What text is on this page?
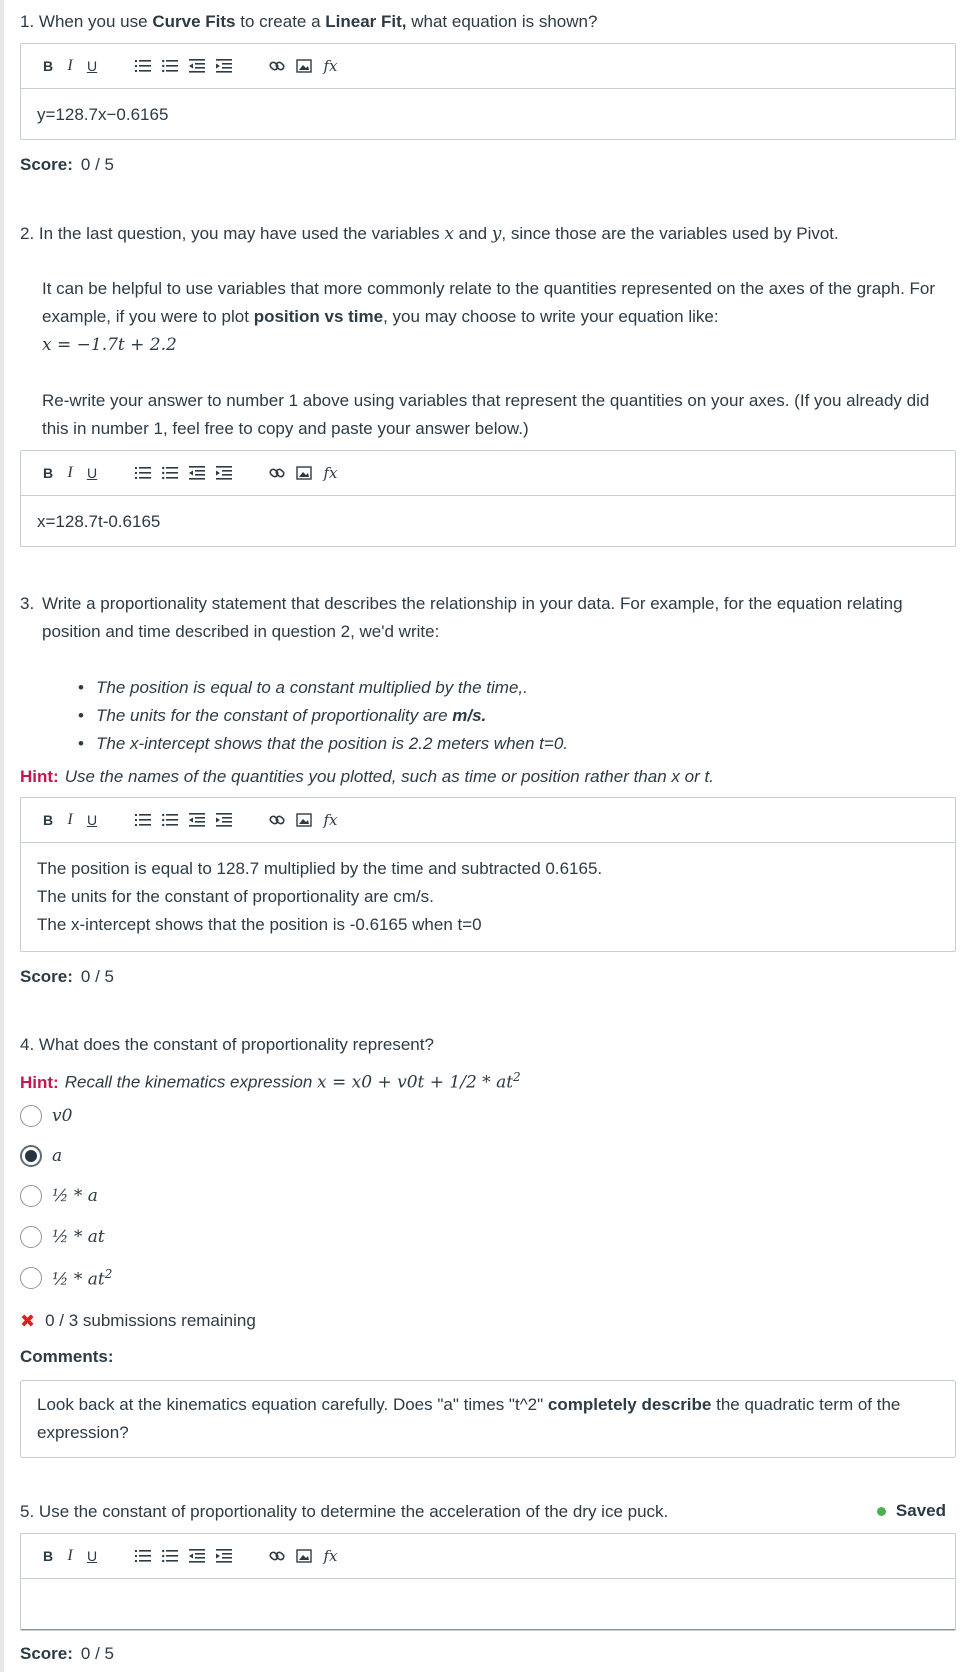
1. When you use Curve Fits to create a Linear Fit, what equation is shown?
B I	U	fx
y=128.7x−0.6165
Score: 0 / 5
2. In the last question, you may have used the variables x and y, since those are the variables used by Pivot.
It can be helpful to use variables that more commonly relate to the quantities represented on the axes of the graph. For example, if you were to plot position vs time, you may choose to write your equation like:
x = −1.7t + 2.2
Re-write your answer to number 1 above using variables that represent the quantities on your axes. (If you already did this in number 1, feel free to copy and paste your answer below.)
B I	U	fx
x=128.7t-0.6165
3. Write a proportionality statement that describes the relationship in your data. For example, for the equation relating position and time described in question 2, we'd write:
• The position is equal to a constant multiplied by the time,.
• The units for the constant of proportionality are m/s.
• The x-intercept shows that the position is 2.2 meters when t=0.
Hint: Use the names of the quantities you plotted, such as time or position rather than x or t.
B I	U	fx
The position is equal to 128.7 multiplied by the time and subtracted 0.6165.
The units for the constant of proportionality are cm/s.
The x-intercept shows that the position is -0.6165 when t=0
Score: 0 / 5
4. What does the constant of proportionality represent?
Hint: Recall the kinematics expression $x = x0 + v0t + 1/2 * at^2$
v0
a
½ * a
½ * at
½ * $at^2$
✖ 0 / 3 submissions remaining
Comments:
Look back at the kinematics equation carefully. Does "a" times "t^2" completely describe the quadratic term of the expression?
5. Use the constant of proportionality to determine the acceleration of the dry ice puck.	Saved
B I	U	fx
Score: 0 / 5
